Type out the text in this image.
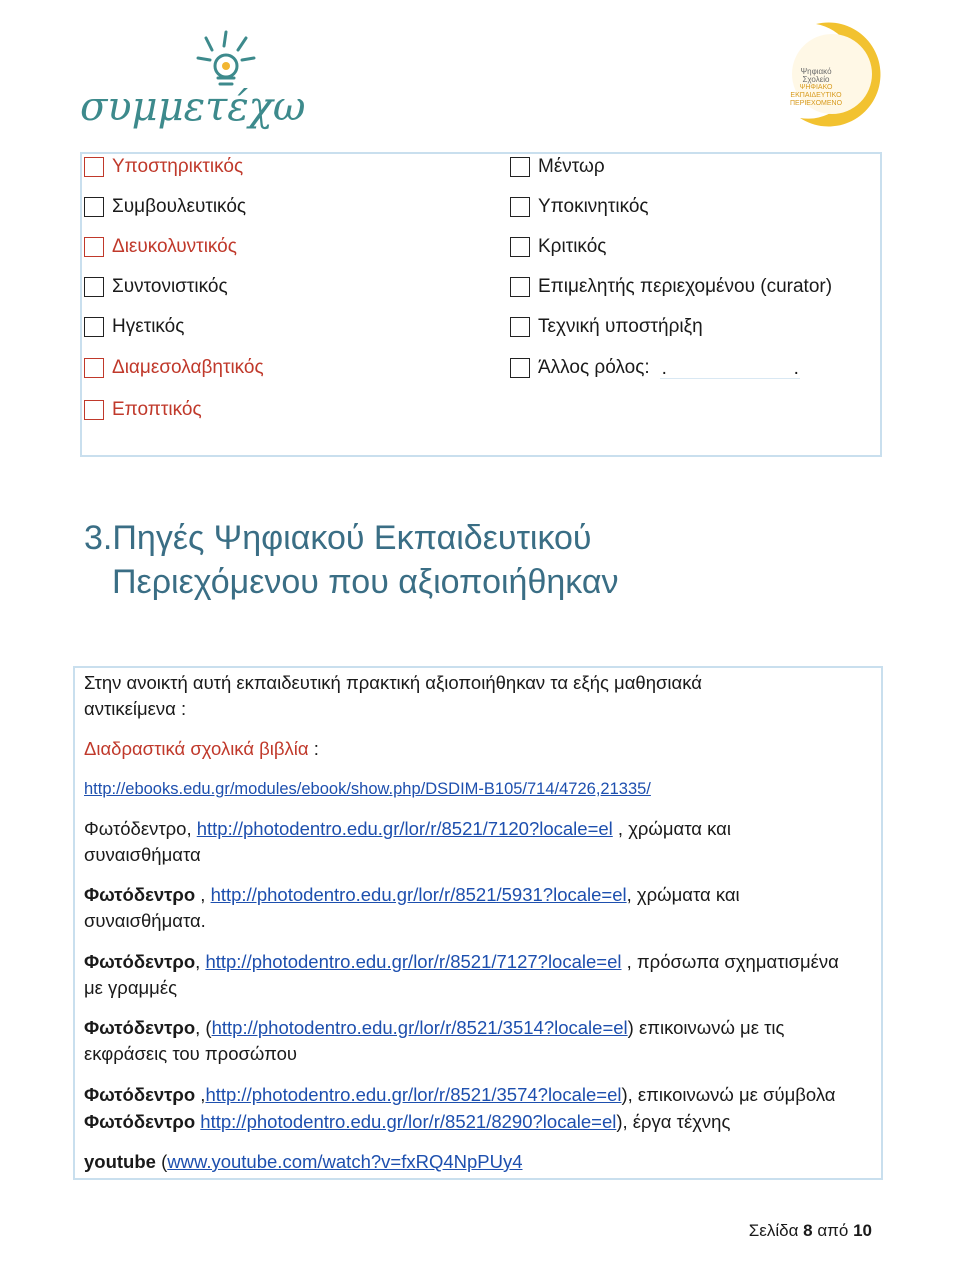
συμμετέχω
Ψηφιακό Σχολείο
ΨΗΦΙΑΚΟ ΕΚΠΑΙΔΕΥΤΙΚΟ ΠΕΡΙΕΧΟΜΕΝΟ
Υποστηρικτικός
Συμβουλευτικός
Διευκολυντικός
Συντονιστικός
Ηγετικός
Διαμεσολαβητικός
Εποπτικός
Μέντωρ
Υποκινητικός
Κριτικός
Επιμελητής περιεχομένου (curator)
Τεχνική υποστήριξη
Άλλος ρόλος: .	.
3.Πηγές Ψηφιακού Εκπαιδευτικού
Περιεχόμενου που αξιοποιήθηκαν
Στην ανοικτή αυτή εκπαιδευτική πρακτική αξιοποιήθηκαν τα εξής μαθησιακά
αντικείμενα :
Διαδραστικά σχολικά βιβλία :
http://ebooks.edu.gr/modules/ebook/show.php/DSDIM-B105/714/4726,21335/
Φωτόδεντρο, http://photodentro.edu.gr/lor/r/8521/7120?locale=el , χρώματα και
συναισθήματα
Φωτόδεντρο , http://photodentro.edu.gr/lor/r/8521/5931?locale=el, χρώματα και
συναισθήματα.
Φωτόδεντρο, http://photodentro.edu.gr/lor/r/8521/7127?locale=el , πρόσωπα σχηματισμένα
με γραμμές
Φωτόδεντρο, (http://photodentro.edu.gr/lor/r/8521/3514?locale=el) επικοινωνώ με τις
εκφράσεις του προσώπου
Φωτόδεντρο ,http://photodentro.edu.gr/lor/r/8521/3574?locale=el), επικοινωνώ με σύμβολα
Φωτόδεντρο http://photodentro.edu.gr/lor/r/8521/8290?locale=el), έργα τέχνης
youtube (www.youtube.com/watch?v=fxRQ4NpPUy4
Σελίδα 8 από 10
